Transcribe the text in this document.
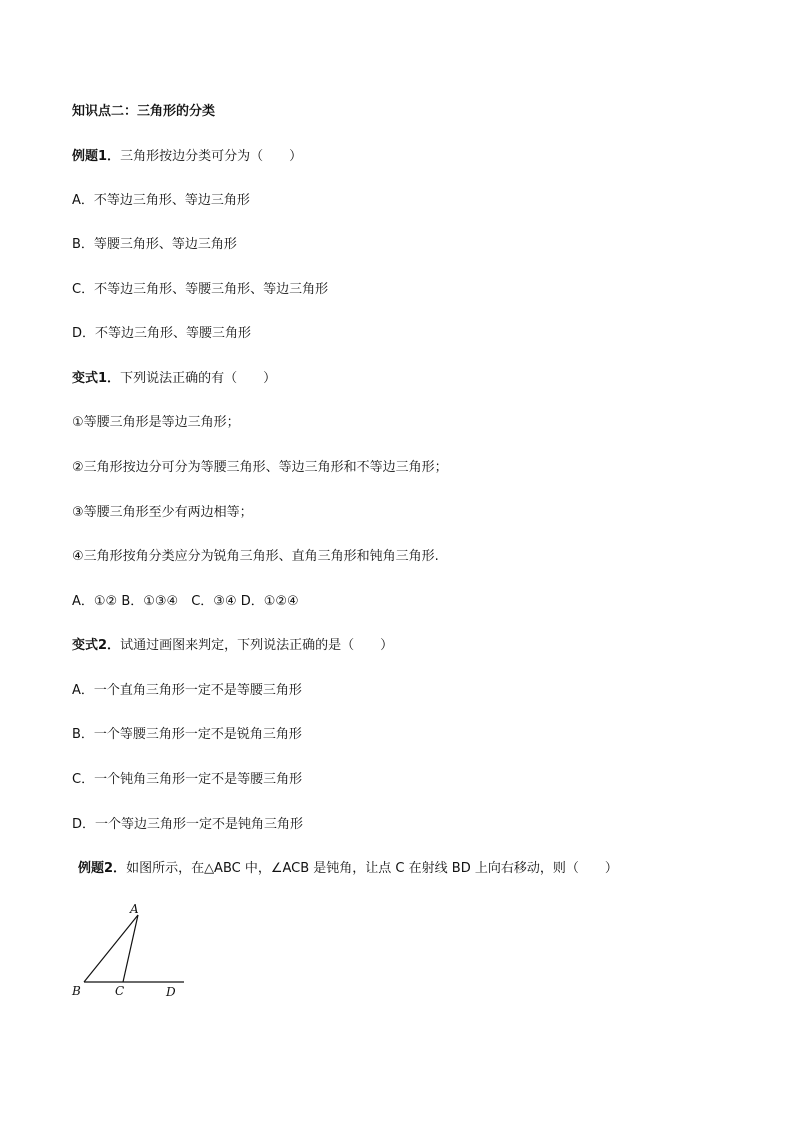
知识点二：三角形的分类
例题1．三角形按边分类可分为（　　）
A．不等边三角形、等边三角形
B．等腰三角形、等边三角形
C．不等边三角形、等腰三角形、等边三角形
D．不等边三角形、等腰三角形
变式1．下列说法正确的有（　　）
①等腰三角形是等边三角形；
②三角形按边分可分为等腰三角形、等边三角形和不等边三角形；
③等腰三角形至少有两边相等；
④三角形按角分类应分为锐角三角形、直角三角形和钝角三角形.
A．①② B．①③④　C．③④ D．①②④
变式2．试通过画图来判定，下列说法正确的是（　　）
A．一个直角三角形一定不是等腰三角形
B．一个等腰三角形一定不是锐角三角形
C．一个钝角三角形一定不是等腰三角形
D．一个等边三角形一定不是钝角三角形
例题2．如图所示，在△ABC 中，∠ACB 是钝角，让点 C 在射线 BD 上向右移动，则（　　）
A
B	C	D
